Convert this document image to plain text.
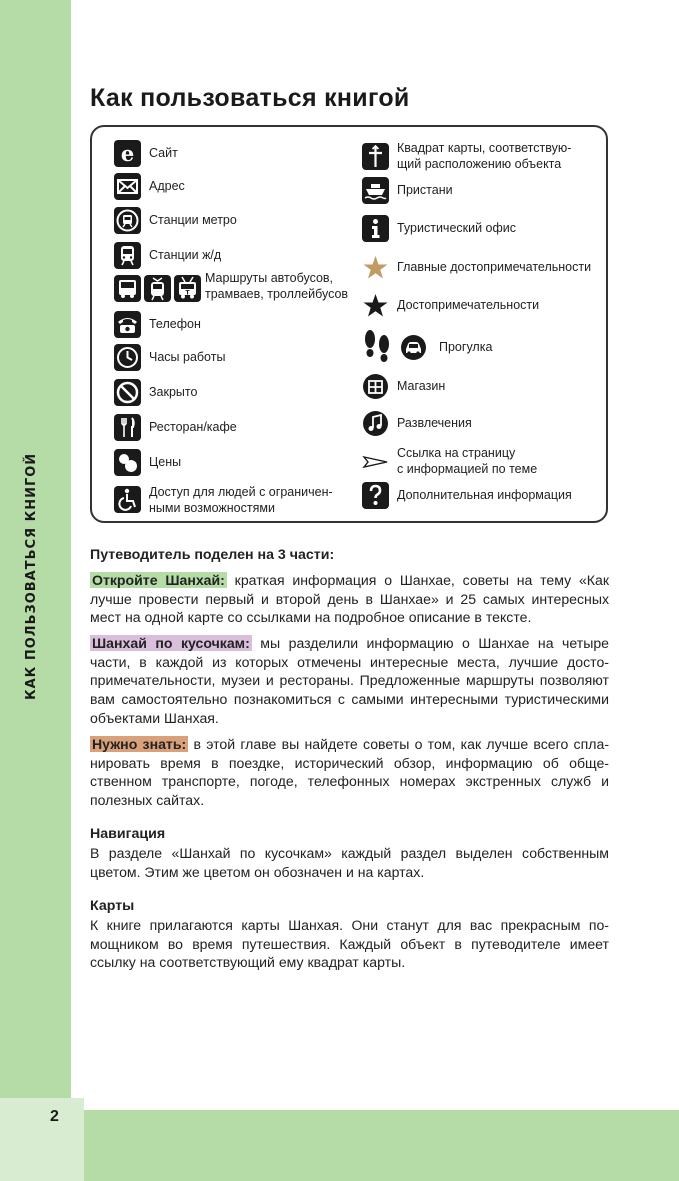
КАК ПОЛЬЗОВАТЬСЯ КНИГОЙ
2
Как пользоваться книгой
e Сайт
Адрес
Станции метро
Станции ж/д
T
Маршруты автобусов,
трамваев, троллейбусов
Телефон
Часы работы
Закрыто
Ресторан/кафе
Цены
Доступ для людей с ограничен-
ными возможностями
Квадрат карты, соответствую-
щий расположению объекта
Пристани
Туристический офис
Главные достопримечательности
Достопримечательности
Прогулка
Магазин
Развлечения
Ссылка на страницу
с информацией по теме
Дополнительная информация
Путеводитель поделен на 3 части:
Откройте Шанхай: краткая информация о Шанхае, советы на тему «Как лучше провести первый и второй день в Шанхае» и 25 самых интересных мест на одной карте со ссылками на подробное описание в тексте.
Шанхай по кусочкам: мы разделили информацию о Шанхае на четыре части, в каждой из которых отмечены интересные места, лучшие достопримечательности, музеи и рестораны. Предложенные маршруты позволяют вам самостоятельно познакомиться с самыми интересными туристическими объектами Шанхая.
Нужно знать: в этой главе вы найдете советы о том, как лучше всего спланировать время в поездке, исторический обзор, информацию об общественном транспорте, погоде, телефонных номерах экстренных служб и полезных сайтах.
Навигация
В разделе «Шанхай по кусочкам» каждый раздел выделен собственным цветом. Этим же цветом он обозначен и на картах.
Карты
К книге прилагаются карты Шанхая. Они станут для вас прекрасным помощником во время путешествия. Каждый объект в путеводителе имеет ссылку на соответствующий ему квадрат карты.
